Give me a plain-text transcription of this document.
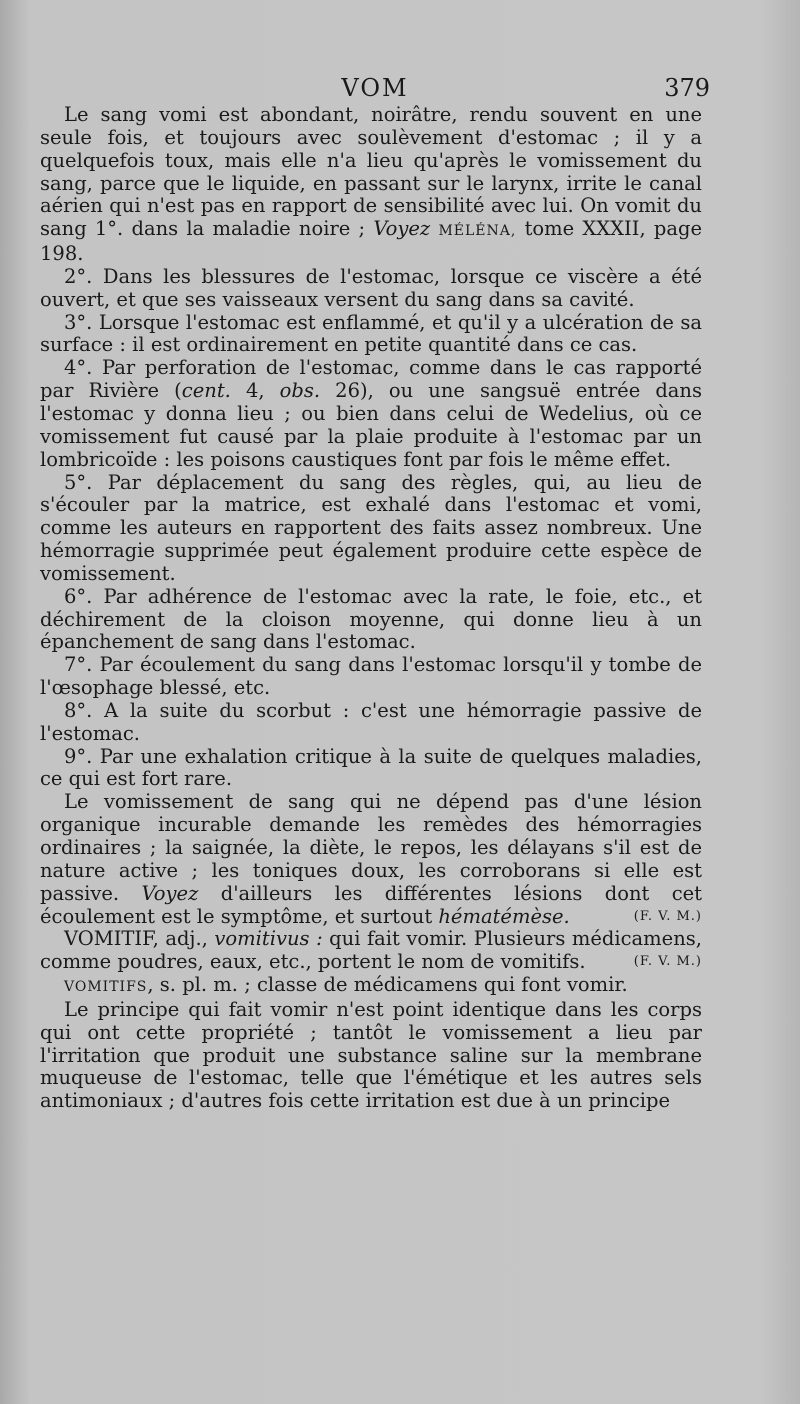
VOM	379

Le sang vomi est abondant, noirâtre, rendu souvent en une seule fois, et toujours avec soulèvement d'estomac ; il y a quelquefois toux, mais elle n'a lieu qu'après le vomissement du sang, parce que le liquide, en passant sur le larynx, irrite le canal aérien qui n'est pas en rapport de sensibilité avec lui. On vomit du sang 1°. dans la maladie noire ; Voyez MÉLÉNA, tome XXXII, page 198.

2°. Dans les blessures de l'estomac, lorsque ce viscère a été ouvert, et que ses vaisseaux versent du sang dans sa cavité.

3°. Lorsque l'estomac est enflammé, et qu'il y a ulcération de sa surface : il est ordinairement en petite quantité dans ce cas.

4°. Par perforation de l'estomac, comme dans le cas rapporté par Rivière (cent. 4, obs. 26), ou une sangsuë entrée dans l'estomac y donna lieu ; ou bien dans celui de Wedelius, où ce vomissement fut causé par la plaie produite à l'estomac par un lombricoïde : les poisons caustiques font par fois le même effet.

5°. Par déplacement du sang des règles, qui, au lieu de s'écouler par la matrice, est exhalé dans l'estomac et vomi, comme les auteurs en rapportent des faits assez nombreux. Une hémorragie supprimée peut également produire cette espèce de vomissement.

6°. Par adhérence de l'estomac avec la rate, le foie, etc., et déchirement de la cloison moyenne, qui donne lieu à un épanchement de sang dans l'estomac.

7°. Par écoulement du sang dans l'estomac lorsqu'il y tombe de l'œsophage blessé, etc.

8°. A la suite du scorbut : c'est une hémorragie passive de l'estomac.

9°. Par une exhalation critique à la suite de quelques maladies, ce qui est fort rare.

Le vomissement de sang qui ne dépend pas d'une lésion organique incurable demande les remèdes des hémorragies ordinaires ; la saignée, la diète, le repos, les délayans s'il est de nature active ; les toniques doux, les corroborans si elle est passive. Voyez d'ailleurs les différentes lésions dont cet écoulement est le symptôme, et surtout hématémèse.	(F. V. M.)

VOMITIF, adj., vomitivus : qui fait vomir. Plusieurs médicamens, comme poudres, eaux, etc., portent le nom de vomitifs.	(F. V. M.)

VOMITIFS, s. pl. m. ; classe de médicamens qui font vomir.

Le principe qui fait vomir n'est point identique dans les corps qui ont cette propriété ; tantôt le vomissement a lieu par l'irritation que produit une substance saline sur la membrane muqueuse de l'estomac, telle que l'émétique et les autres sels antimoniaux ; d'autres fois cette irritation est due à un principe
